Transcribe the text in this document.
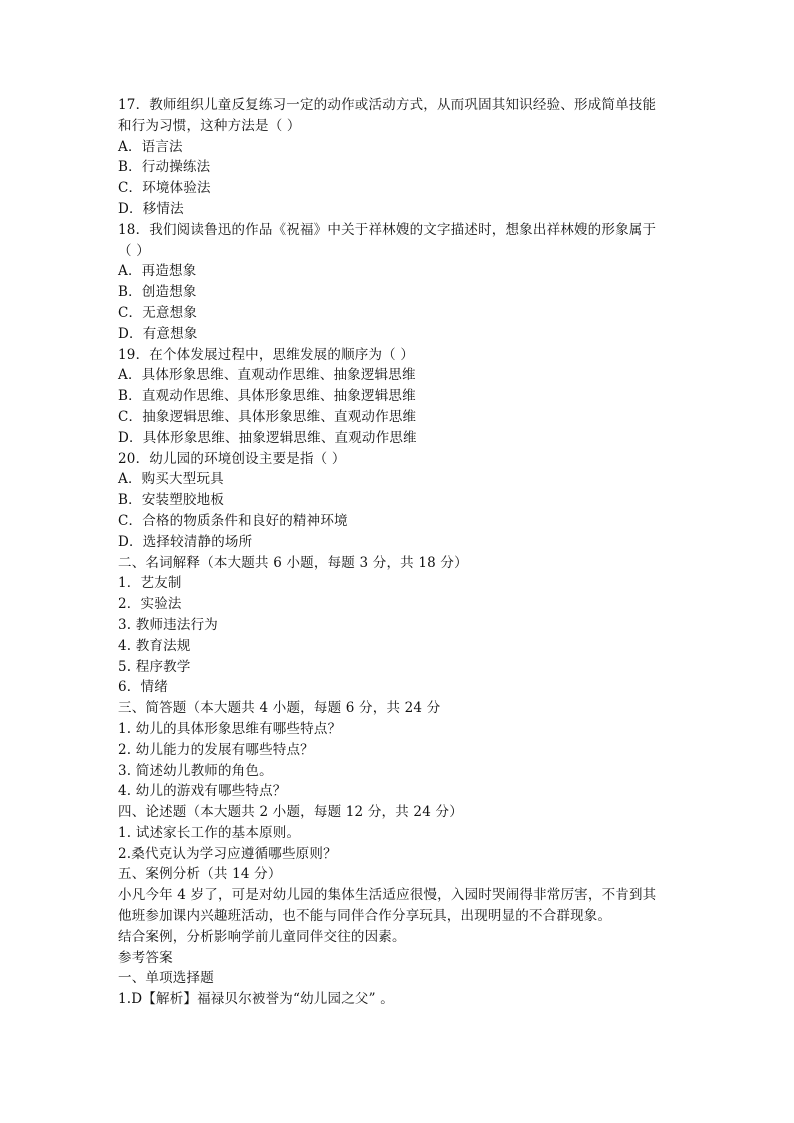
17．教师组织儿童反复练习一定的动作或活动方式，从而巩固其知识经验、形成简单技能
和行为习惯，这种方法是（ ）
A．语言法
B．行动操练法
C．环境体验法
D．移情法
18．我们阅读鲁迅的作品《祝福》中关于祥林嫂的文字描述时，想象出祥林嫂的形象属于
（ ）
A．再造想象
B．创造想象
C．无意想象
D．有意想象
19．在个体发展过程中，思维发展的顺序为（ ）
A．具体形象思维、直观动作思维、抽象逻辑思维
B．直观动作思维、具体形象思维、抽象逻辑思维
C．抽象逻辑思维、具体形象思维、直观动作思维
D．具体形象思维、抽象逻辑思维、直观动作思维
20．幼儿园的环境创设主要是指（ ）
A．购买大型玩具
B．安装塑胶地板
C．合格的物质条件和良好的精神环境
D．选择较清静的场所
二、名词解释（本大题共 6 小题，每题 3 分，共 18 分）
1．艺友制
2．实验法
3. 教师违法行为
4. 教育法规
5. 程序教学
6．情绪
三、简答题（本大题共 4 小题，每题 6 分，共 24 分
1. 幼儿的具体形象思维有哪些特点？
2. 幼儿能力的发展有哪些特点？
3. 简述幼儿教师的角色。
4. 幼儿的游戏有哪些特点？
四、论述题（本大题共 2 小题，每题 12 分，共 24 分）
1. 试述家长工作的基本原则。
2.桑代克认为学习应遵循哪些原则？
五、案例分析（共 14 分）
小凡今年 4 岁了，可是对幼儿园的集体生活适应很慢，入园时哭闹得非常厉害，不肯到其
他班参加课内兴趣班活动，也不能与同伴合作分享玩具，出现明显的不合群现象。
结合案例，分析影响学前儿童同伴交往的因素。
参考答案
一、单项选择题
1.D【解析】福禄贝尔被誉为“幼儿园之父” 。
